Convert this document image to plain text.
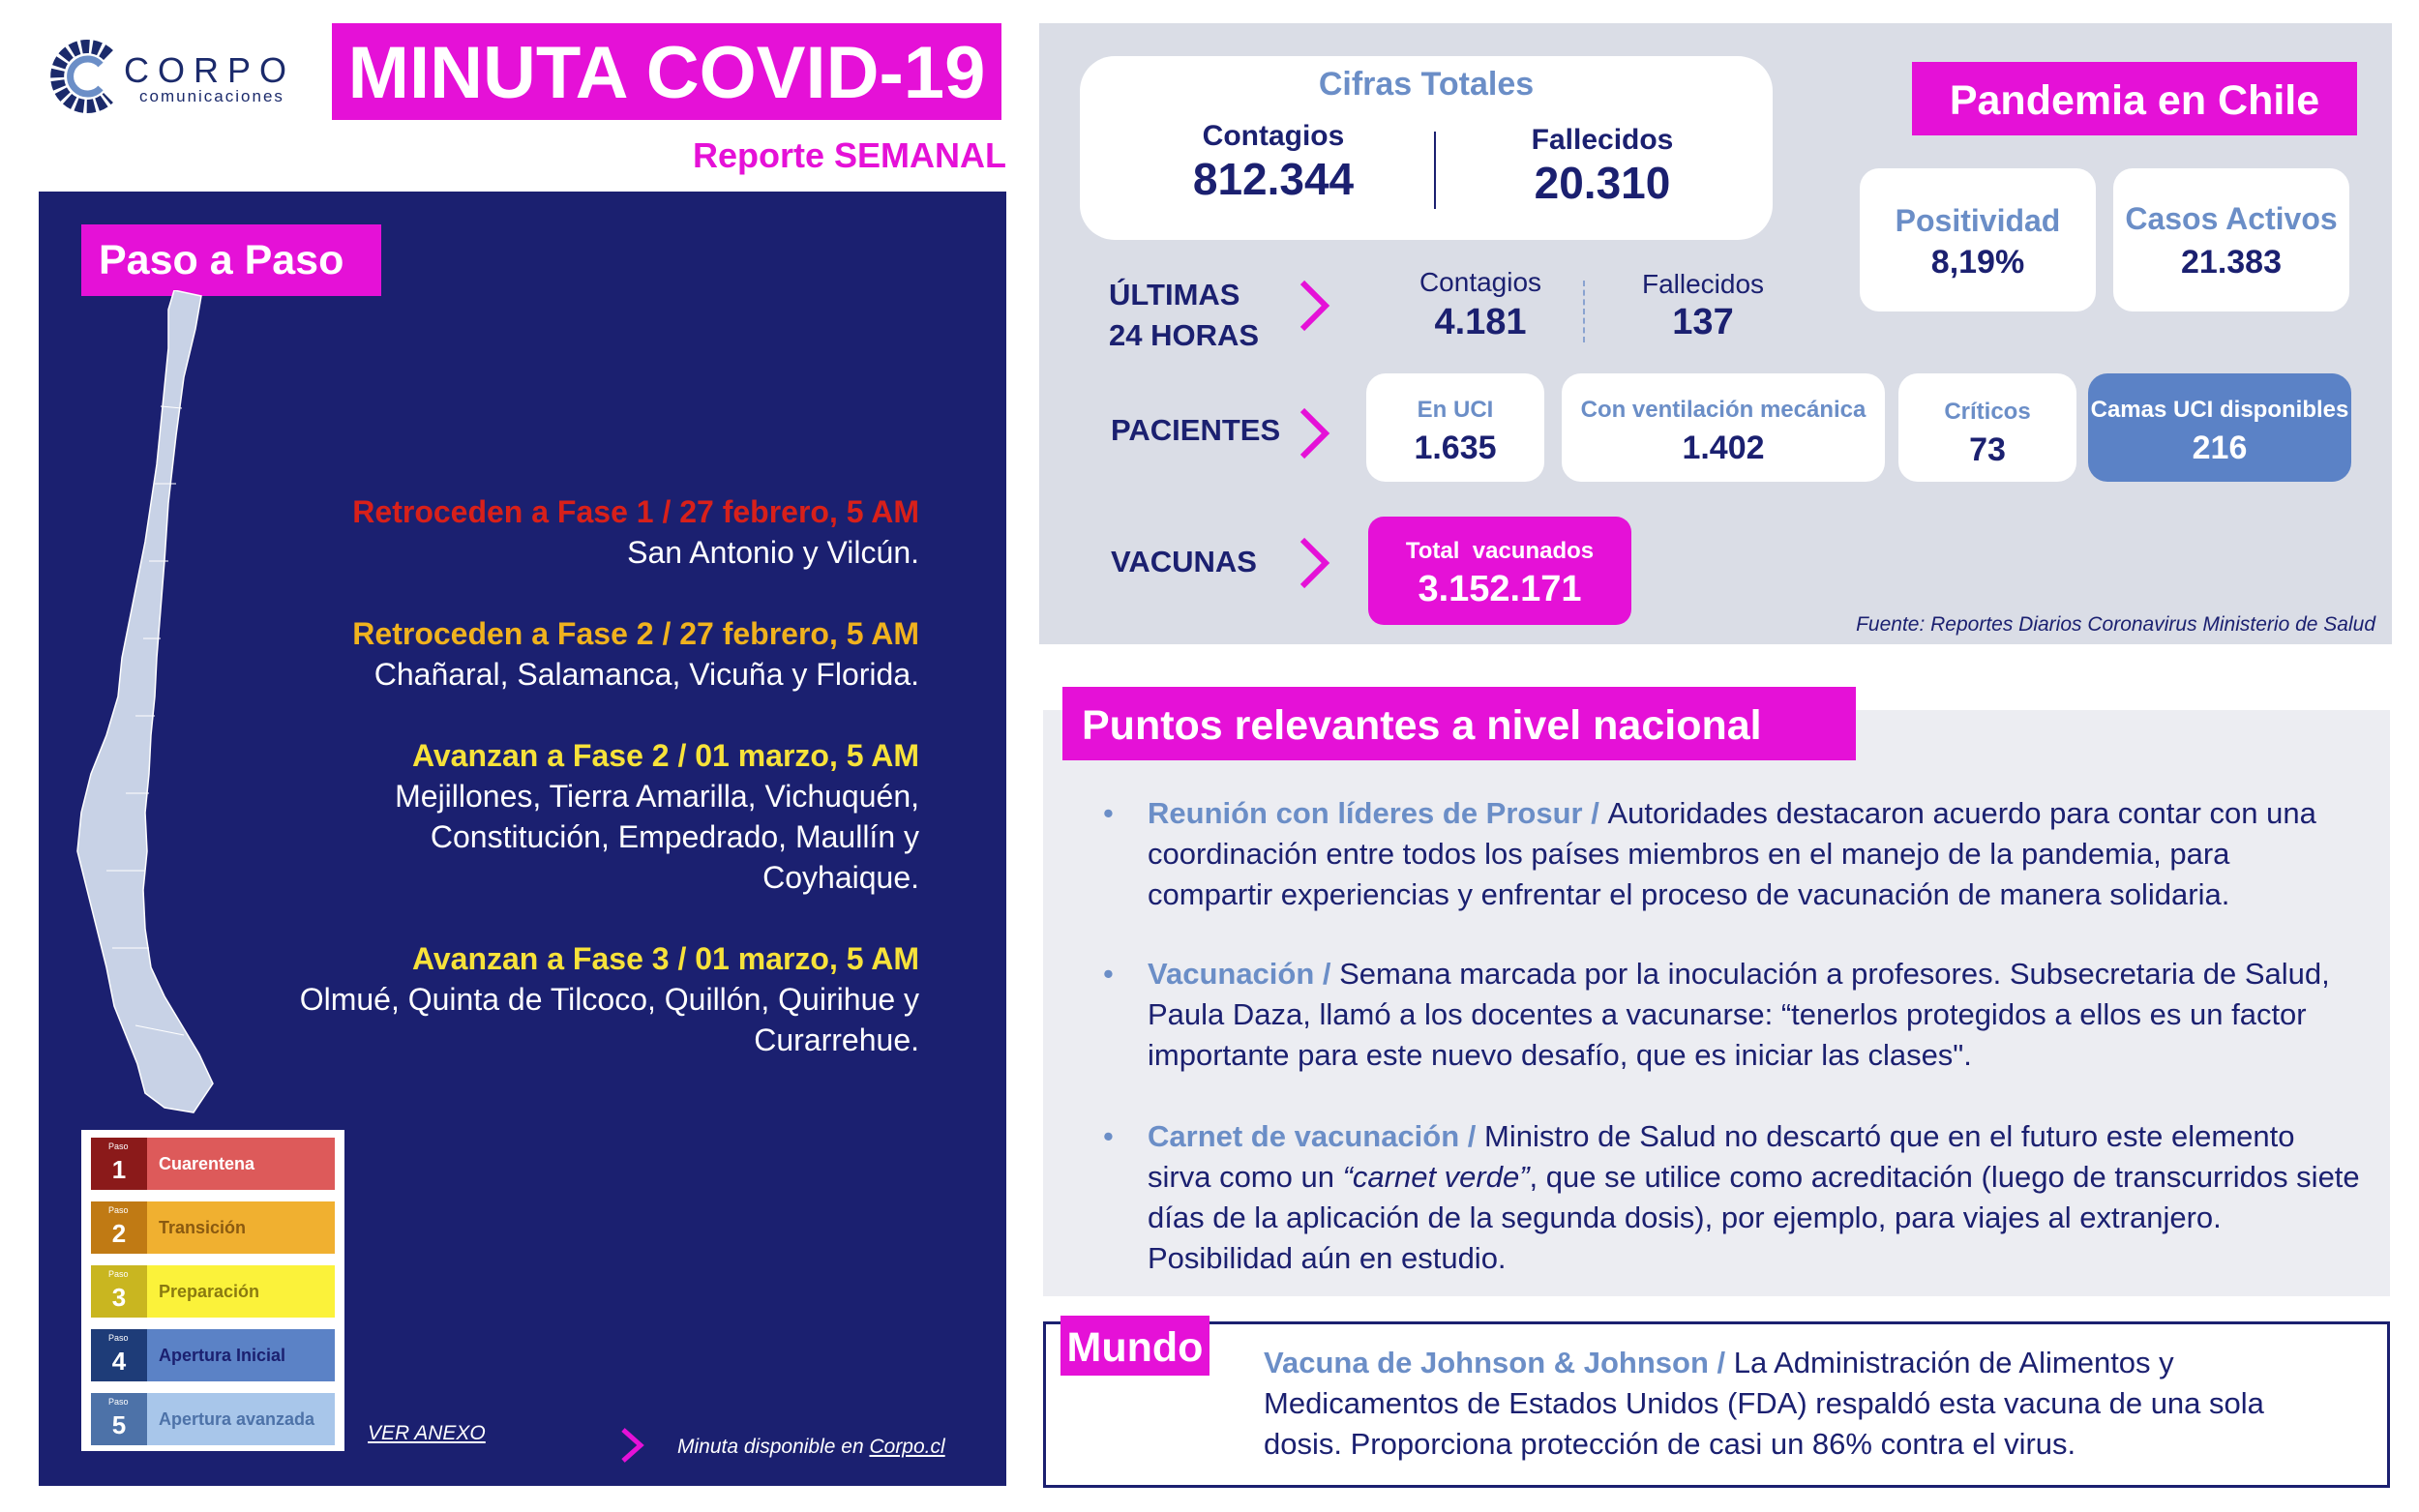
CORPO
comunicaciones MINUTA COVID-19
Reporte SEMANAL
Paso a Paso
Retroceden a Fase 1 / 27 febrero, 5 AM
San Antonio y Vilcún.
Retroceden a Fase 2 / 27 febrero, 5 AM
Chañaral, Salamanca, Vicuña y Florida.
Avanzan a Fase 2 / 01 marzo, 5 AM
Mejillones, Tierra Amarilla, Vichuquén, Constitución, Empedrado, Maullín y Coyhaique.
Avanzan a Fase 3 / 01 marzo, 5 AM
Olmué, Quinta de Tilcoco, Quillón, Quirihue y Curarrehue.
Paso
1	Cuarentena
Paso
2	Transición
Paso
3	Preparación
Paso
4	Apertura Inicial
Paso
5	Apertura avanzada
VER ANEXO
Minuta disponible en Corpo.cl
Cifras Totales
Contagios
812.344
Fallecidos
20.310
Pandemia en Chile
Positividad
8,19%
Casos Activos
21.383
ÚLTIMAS
24 HORAS
Contagios
4.181
Fallecidos
137
PACIENTES
En UCI
1.635
Con ventilación mecánica
1.402
Críticos
73
Camas UCI disponibles
216
VACUNAS	Total  vacunados
3.152.171
Fuente: Reportes Diarios Coronavirus Ministerio de Salud
Puntos relevantes a nivel nacional
• Reunión con líderes de Prosur / Autoridades destacaron acuerdo para contar con una coordinación entre todos los países miembros en el manejo de la pandemia, para compartir experiencias y enfrentar el proceso de vacunación de manera solidaria.
• Vacunación / Semana marcada por la inoculación a profesores. Subsecretaria de Salud, Paula Daza, llamó a los docentes a vacunarse: “tenerlos protegidos a ellos es un factor importante para este nuevo desafío, que es iniciar las clases".
• Carnet de vacunación / Ministro de Salud no descartó que en el futuro este elemento sirva como un “carnet verde”, que se utilice como acreditación (luego de transcurridos siete días de la aplicación de la segunda dosis), por ejemplo, para viajes al extranjero. Posibilidad aún en estudio.
Mundo Vacuna de Johnson & Johnson / La Administración de Alimentos y Medicamentos de Estados Unidos (FDA) respaldó esta vacuna de una sola dosis. Proporciona protección de casi un 86% contra el virus.
